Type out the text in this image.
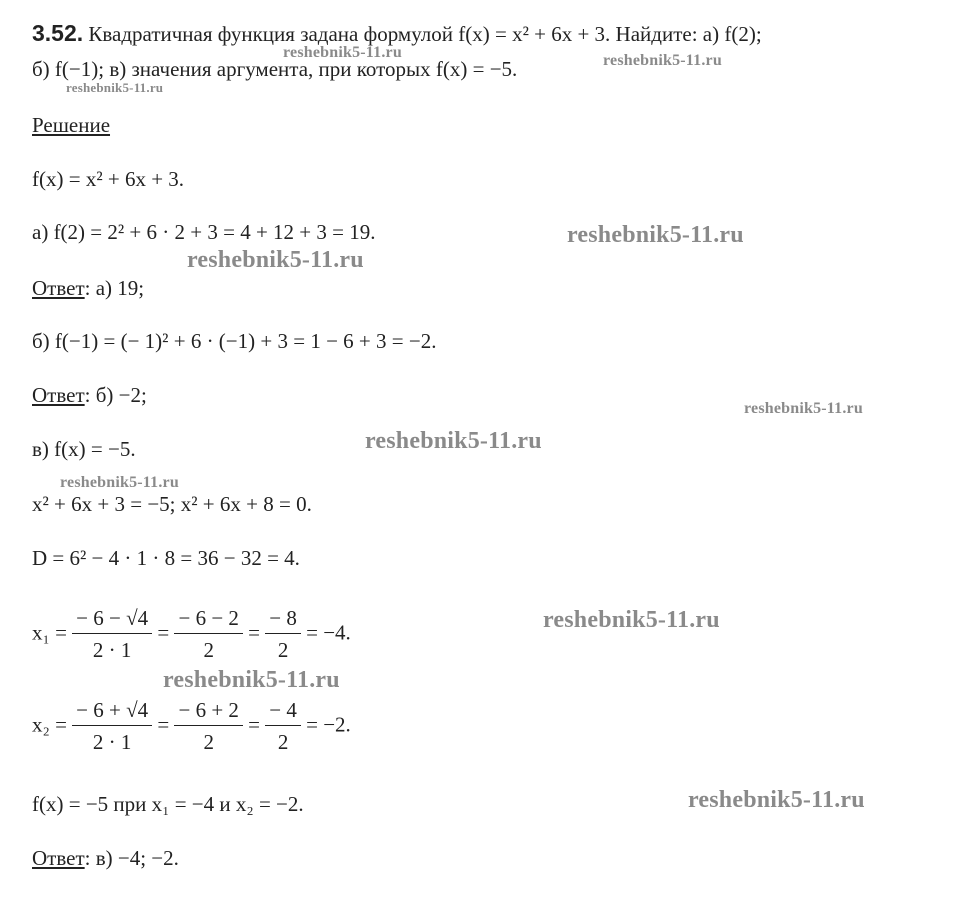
3.52. Квадратичная функция задана формулой f(x) = x² + 6x + 3. Найдите: а) f(2);
б) f(−1); в) значения аргумента, при которых f(x) = −5.
Решение
f(x) = x² + 6x + 3.
а) f(2) = 2² + 6 · 2 + 3 = 4 + 12 + 3 = 19.
Ответ: а) 19;
б) f(−1) = (− 1)² + 6 · (−1) + 3 = 1 − 6 + 3 = −2.
Ответ: б) −2;
в) f(x) = −5.
x² + 6x + 3 = −5; x² + 6x + 8 = 0.
D = 6² − 4 · 1 · 8 = 36 − 32 = 4.
$x_1 = \frac{- 6 - √4}{2 \cdot 1} = \frac{- 6 - 2}{2} = \frac{- 8}{2} = -4$.
$x_2 = \frac{- 6 + √4}{2 \cdot 1} = \frac{- 6 + 2}{2} = \frac{- 4}{2} = -2$.
f(x) = −5 при x₁ = −4 и x₂ = −2.
Ответ: в) −4; −2.
reshebnik5-11.ru	reshebnik5-11.ru
reshebnik5-11.ru
reshebnik5-11.ru
reshebnik5-11.ru
reshebnik5-11.ru
reshebnik5-11.ru
reshebnik5-11.ru
reshebnik5-11.ru
reshebnik5-11.ru
reshebnik5-11.ru
